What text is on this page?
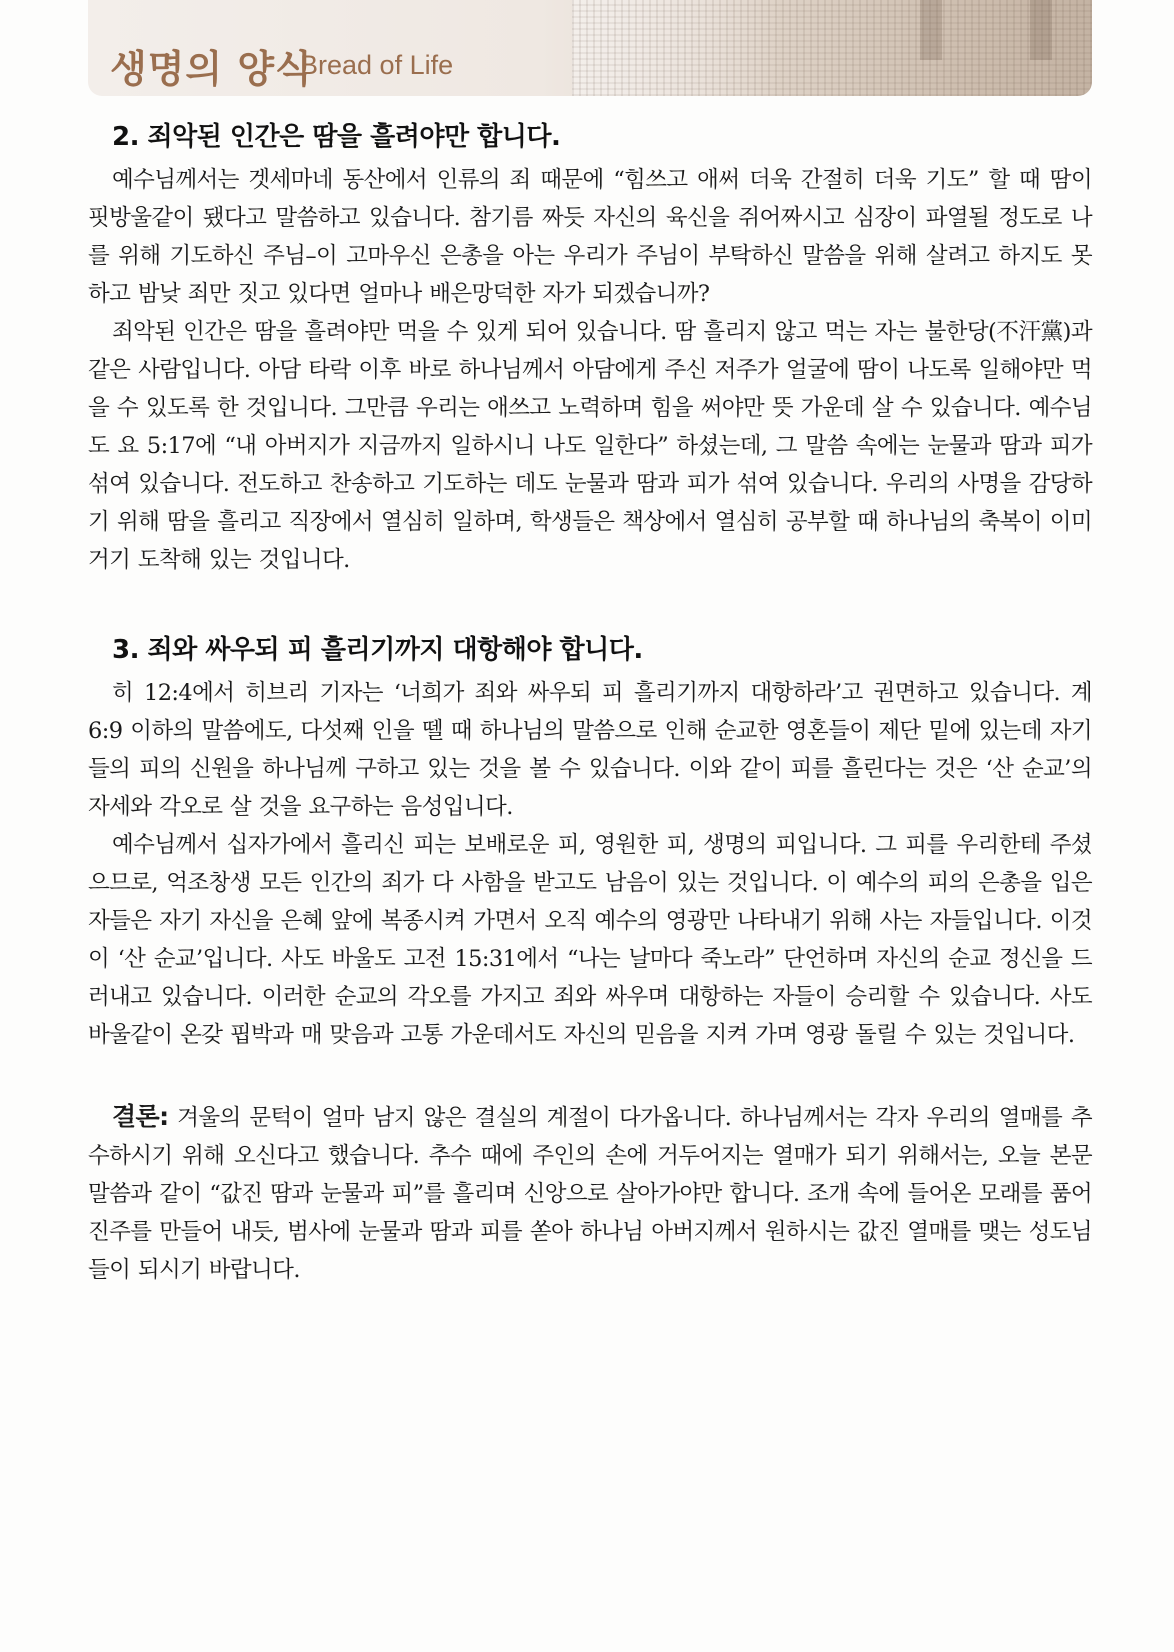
생명의 양식
Bread of Life
2. 죄악된 인간은 땀을 흘려야만 합니다.

예수님께서는 겟세마네 동산에서 인류의 죄 때문에 “힘쓰고 애써 더욱 간절히 더욱 기도” 할 때 땀이 핏방울같이 됐다고 말씀하고 있습니다. 참기름 짜듯 자신의 육신을 쥐어짜시고 심장이 파열될 정도로 나를 위해 기도하신 주님–이 고마우신 은총을 아는 우리가 주님이 부탁하신 말씀을 위해 살려고 하지도 못하고 밤낮 죄만 짓고 있다면 얼마나 배은망덕한 자가 되겠습니까?

죄악된 인간은 땀을 흘려야만 먹을 수 있게 되어 있습니다. 땀 흘리지 않고 먹는 자는 불한당(不汗黨)과 같은 사람입니다. 아담 타락 이후 바로 하나님께서 아담에게 주신 저주가 얼굴에 땀이 나도록 일해야만 먹을 수 있도록 한 것입니다. 그만큼 우리는 애쓰고 노력하며 힘을 써야만 뜻 가운데 살 수 있습니다. 예수님도 요 5:17에 “내 아버지가 지금까지 일하시니 나도 일한다” 하셨는데, 그 말씀 속에는 눈물과 땀과 피가 섞여 있습니다. 전도하고 찬송하고 기도하는 데도 눈물과 땀과 피가 섞여 있습니다. 우리의 사명을 감당하기 위해 땀을 흘리고 직장에서 열심히 일하며, 학생들은 책상에서 열심히 공부할 때 하나님의 축복이 이미 거기 도착해 있는 것입니다.

3. 죄와 싸우되 피 흘리기까지 대항해야 합니다.

히 12:4에서 히브리 기자는 ‘너희가 죄와 싸우되 피 흘리기까지 대항하라’고 권면하고 있습니다. 계 6:9 이하의 말씀에도, 다섯째 인을 뗄 때 하나님의 말씀으로 인해 순교한 영혼들이 제단 밑에 있는데 자기들의 피의 신원을 하나님께 구하고 있는 것을 볼 수 있습니다. 이와 같이 피를 흘린다는 것은 ‘산 순교’의 자세와 각오로 살 것을 요구하는 음성입니다.

예수님께서 십자가에서 흘리신 피는 보배로운 피, 영원한 피, 생명의 피입니다. 그 피를 우리한테 주셨으므로, 억조창생 모든 인간의 죄가 다 사함을 받고도 남음이 있는 것입니다. 이 예수의 피의 은총을 입은 자들은 자기 자신을 은혜 앞에 복종시켜 가면서 오직 예수의 영광만 나타내기 위해 사는 자들입니다. 이것이 ‘산 순교’입니다. 사도 바울도 고전 15:31에서 “나는 날마다 죽노라” 단언하며 자신의 순교 정신을 드러내고 있습니다. 이러한 순교의 각오를 가지고 죄와 싸우며 대항하는 자들이 승리할 수 있습니다. 사도 바울같이 온갖 핍박과 매 맞음과 고통 가운데서도 자신의 믿음을 지켜 가며 영광 돌릴 수 있는 것입니다.

결론: 겨울의 문턱이 얼마 남지 않은 결실의 계절이 다가옵니다. 하나님께서는 각자 우리의 열매를 추수하시기 위해 오신다고 했습니다. 추수 때에 주인의 손에 거두어지는 열매가 되기 위해서는, 오늘 본문 말씀과 같이 “값진 땀과 눈물과 피”를 흘리며 신앙으로 살아가야만 합니다. 조개 속에 들어온 모래를 품어 진주를 만들어 내듯, 범사에 눈물과 땀과 피를 쏟아 하나님 아버지께서 원하시는 값진 열매를 맺는 성도님들이 되시기 바랍니다.
